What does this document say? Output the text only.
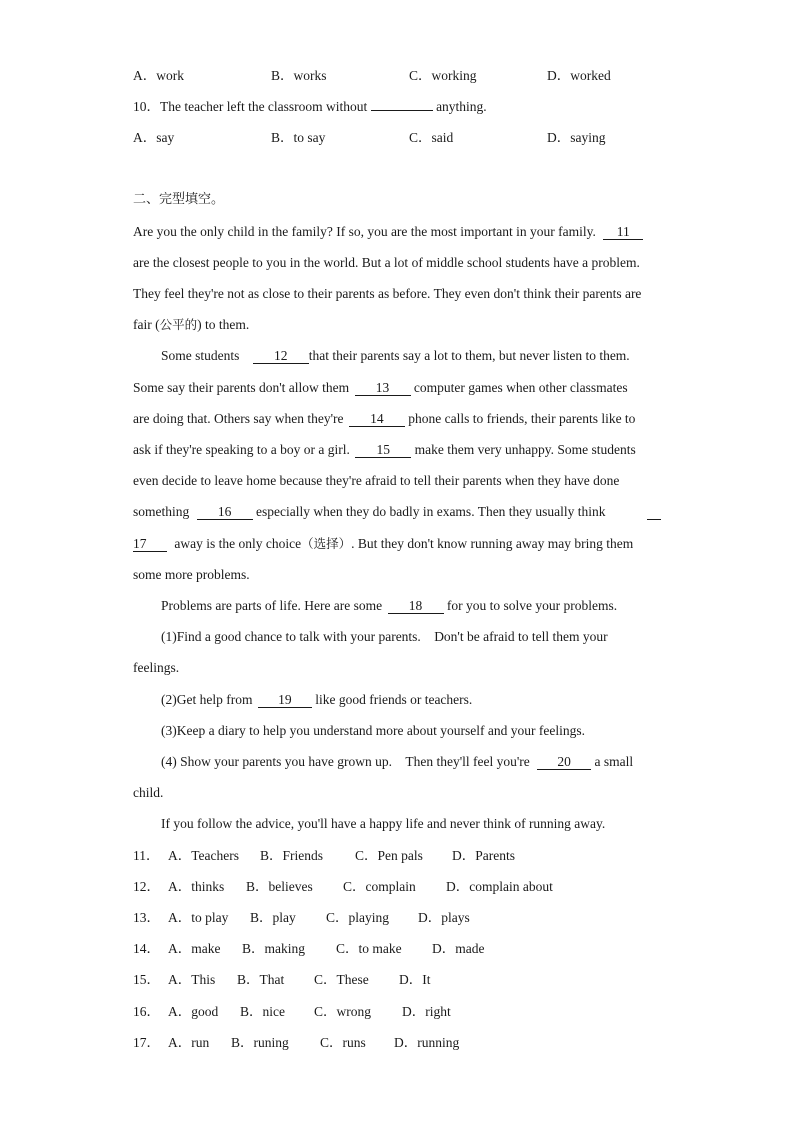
A．work	B．works	C．working	D．worked
10．The teacher left the classroom without	anything.
A．say	B．to say	C．said	D．saying
二、完型填空。
Are you the only child in the family? If so, you are the most important in your family. 11
are the closest people to you in the world. But a lot of middle school students have a problem.
They feel they're not as close to their parents as before. They even don't think their parents are
fair (公平的) to them.
Some students	12 that their parents say a lot to them, but never listen to them.
Some say their parents don't allow them 13 computer games when other classmates
are doing that. Others say when they're 14 phone calls to friends, their parents like to
ask if they're speaking to a boy or a girl. 15 make them very unhappy. Some students
even decide to leave home because they're afraid to tell their parents when they have done
something 16 especially when they do badly in exams. Then they usually think
17 away is the only choice（选择）. But they don't know running away may bring them
some more problems.
Problems are parts of life. Here are some 18 for you to solve your problems.
(1)Find a good chance to talk with your parents. Don't be afraid to tell them your
feelings.
(2)Get help from 19 like good friends or teachers.
(3)Keep a diary to help you understand more about yourself and your feelings.
(4) Show your parents you have grown up. Then they'll feel you're 20 a small
child.
If you follow the advice, you'll have a happy life and never think of running away.
11． A．Teachers B．Friends C．Pen pals D．Parents
12． A．thinks B．believes C．complain D．complain about
13． A．to play B．play C．playing D．plays
14． A．make B．making C．to make D．made
15． A．This B．That C．These D．It
16． A．good B．nice C．wrong D．right
17． A．run B．runing C．runs D．running
